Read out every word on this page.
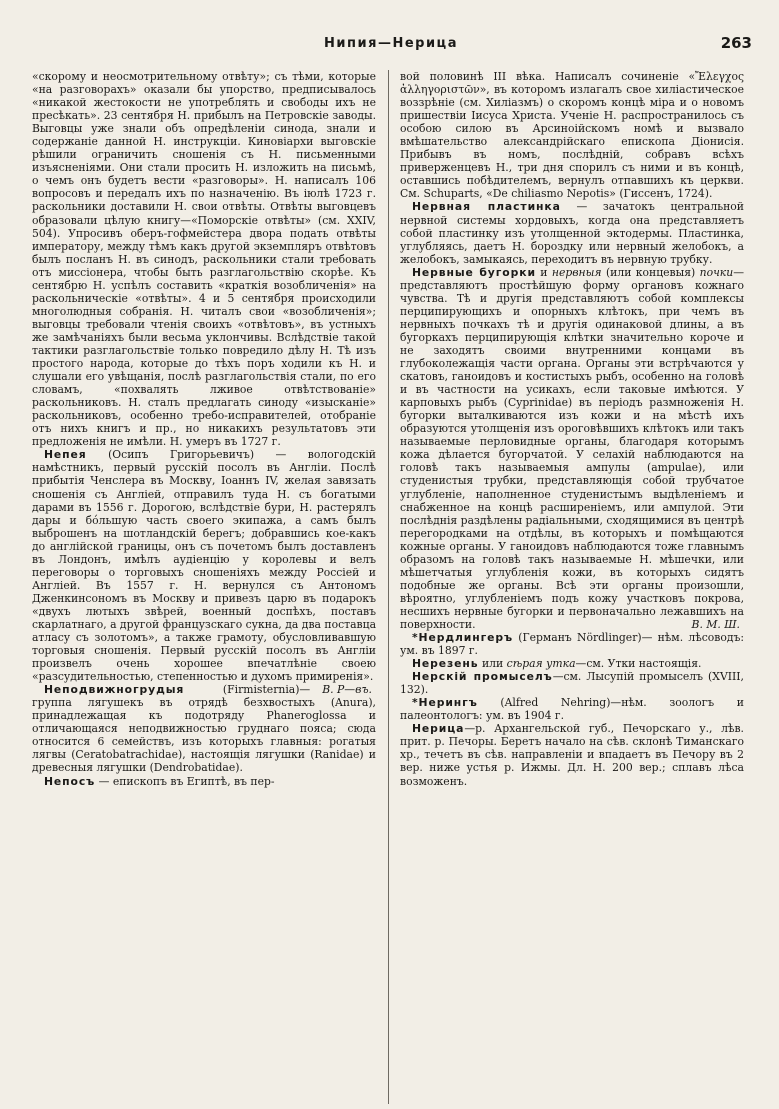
Нипия—Нерица	263

«скорому и неосмотрительному отвѣту»; съ тѣми, которые «на разговорахъ» оказали бы упорство, предписывалось «никакой жестокости не употреблять и свободы ихъ не пресѣкать». 23 сентября Н. прибылъ на Петровскіе заводы. Выговцы уже знали объ опредѣленіи синода, знали и содержаніе данной Н. инструкціи. Киновіархи выговскіе рѣшили ограничить сношенія съ Н. письменными изъясненіями. Они стали просить Н. изложить на письмѣ, о чемъ онъ будетъ вести «разговоры». Н. написалъ 106 вопросовъ и передалъ ихъ по назначенію. Въ іюлѣ 1723 г. раскольники доставили Н. свои отвѣты. Отвѣты выговцевъ образовали цѣлую книгу—«Поморскіе отвѣты» (см. XXIV, 504). Упросивъ оберъ-гофмейстера двора подать отвѣты императору, между тѣмъ какъ другой экземпляръ отвѣтовъ былъ посланъ Н. въ синодъ, раскольники стали требовать отъ миссіонера, чтобы быть разглагольствію скорѣе. Къ сентябрю Н. успѣлъ составить «краткія возобличенія» на раскольническіе «отвѣты». 4 и 5 сентября происходили многолюдныя собранія. Н. читалъ свои «возобличенія»; выговцы требовали чтенія своихъ «отвѣтовъ», въ устныхъ же замѣчаніяхъ были весьма уклончивы. Вслѣдствіе такой тактики разглагольствіе только повредило дѣлу Н. Тѣ изъ простого народа, которые до тѣхъ поръ ходили къ Н. и слушали его увѣщанія, послѣ разглагольствія стали, по его словамъ, «похвалять лживое отвѣтствованіе» раскольниковъ. Н. сталъ предлагать синоду «изысканіе» раскольниковъ, особенно требо-исправителей, отобраніе отъ нихъ книгъ и пр., но никакихъ результатовъ эти предложенія не имѣли. Н. умеръ въ 1727 г.

Непея (Осипъ Григорьевичъ) — вологодскій намѣстникъ, первый русскій посолъ въ Англіи. Послѣ прибытія Ченслера въ Москву, Іоаннъ IV, желая завязать сношенія съ Англіей, отправилъ туда Н. съ богатыми дарами въ 1556 г. Дорогою, вслѣдствіе бури, Н. растерялъ дары и бóльшую часть своего экипажа, а самъ былъ выброшенъ на шотландскій берегъ; добравшись кое-какъ до англійской границы, онъ съ почетомъ былъ доставленъ въ Лондонъ, имѣлъ аудіенцію у королевы и велъ переговоры о торговыхъ сношеніяхъ между Россіей и Англіей. Въ 1557 г. Н. вернулся съ Антономъ Дженкинсономъ въ Москву и привезъ царю въ подарокъ «двухъ лютыхъ звѣрей, военный доспѣхъ, поставъ скарлатнаго, а другой французскаго сукна, да два поставца атласу съ золотомъ», а также грамоту, обусловливавшую торговыя сношенія. Первый русскій посолъ въ Англіи произвелъ очень хорошее впечатлѣніе своею «разсудительностью, степенностью и духомъ примиренія».
В. Р—въ.

Неподвижногрудыя	(Firmisternia)— группа лягушекъ въ отрядѣ безхвостыхъ (Anura), принадлежащая къ подотряду Phaneroglossa и отличающаяся неподвижностью груднаго пояса; сюда относится 6 семействъ, изъ которыхъ главныя: рогатыя лягвы (Ceratobatrachidae), настоящія лягушки (Ranidae) и древесныя лягушки (Dendrobatidae).

Непосъ — епископъ въ Египтѣ, въ пер-

вой половинѣ III вѣка. Написалъ сочиненіе «Ἔλεγχος ἀλληγοριστῶν», въ которомъ излагалъ свое хиліастическое воззрѣніе (см. Хиліазмъ) о скоромъ концѣ міра и о новомъ пришествіи Іисуса Христа. Ученіе Н. распространилось съ особою силою въ Арсиноійскомъ номѣ и вызвало вмѣшательство александрійскаго епископа Діонисія. Прибывъ въ номъ, послѣдній, собравъ всѣхъ приверженцевъ Н., три дня спорилъ съ ними и въ концѣ, оставшись побѣдителемъ, вернулъ отпавшихъ къ церкви. См. Schuparts, «De chiliasmo Nepotis» (Гиссенъ, 1724).

Нервная пластинка — зачатокъ центральной нервной системы хордовыхъ, когда она представляетъ собой пластинку изъ утолщенной эктодермы. Пластинка, углубляясь, даетъ Н. бороздку или нервный желобокъ, а желобокъ, замыкаясь, переходитъ въ нервную трубку.

Нервные бугорки и нервныя (или концевыя) почки—представляютъ простѣйшую форму органовъ кожнаго чувства. Тѣ и другія представляютъ собой комплексы перципирующихъ и опорныхъ клѣтокъ, при чемъ въ нервныхъ почкахъ тѣ и другія одинаковой длины, а въ бугоркахъ перципирующія клѣтки значительно короче и не заходятъ своими внутренними концами въ глубоколежащія части органа. Органы эти встрѣчаются у скатовъ, ганоидовъ и костистыхъ рыбъ, особенно на головѣ и въ частности на усикахъ, если таковые имѣются. У карповыхъ рыбъ (Cyprinidae) въ періодъ размноженія Н. бугорки выталкиваются изъ кожи и на мѣстѣ ихъ образуются утолщенія изъ ороговѣвшихъ клѣтокъ или такъ называемые перловидные органы, благодаря которымъ кожа дѣлается бугорчатой. У селахій наблюдаются на головѣ такъ называемыя ампулы (ampulae), или студенистыя трубки, представляющія собой трубчатое углубленіе, наполненное студенистымъ выдѣленіемъ и снабженное на концѣ расширеніемъ, или ампулой. Эти послѣднія раздѣлены радіальными, сходящимися въ центрѣ перегородками на отдѣлы, въ которыхъ и помѣщаются кожные органы. У ганоидовъ наблюдаются тоже главнымъ образомъ на головѣ такъ называемые Н. мѣшечки, или мѣшетчатыя углубленія кожи, въ которыхъ сидятъ подобные же органы. Всѣ эти органы произошли, вѣроятно, углубленіемъ подъ кожу участковъ покрова, несшихъ нервные бугорки и первоначально лежавшихъ на поверхности.	В. М. Ш.

*Нердлингеръ (Германъ Nördlinger)— нѣм. лѣсоводъ: ум. въ 1897 г.

Нерезень или сѣрая утка—см. Утки настоящія.

Нерскій промыселъ—см. Лысупій промыселъ (XVIII, 132).

*Нерингъ (Alfred Nehring)—нѣм. зоологъ и палеонтологъ: ум. въ 1904 г.

Нерица—р. Архангельской губ., Печорскаго у., лѣв. прит. р. Печоры. Беретъ начало на сѣв. склонѣ Тиманскаго хр., течетъ въ сѣв. направленіи и впадаетъ въ Печору въ 2 вер. ниже устья р. Ижмы. Дл. Н. 200 вер.; сплавъ лѣса возможенъ.
